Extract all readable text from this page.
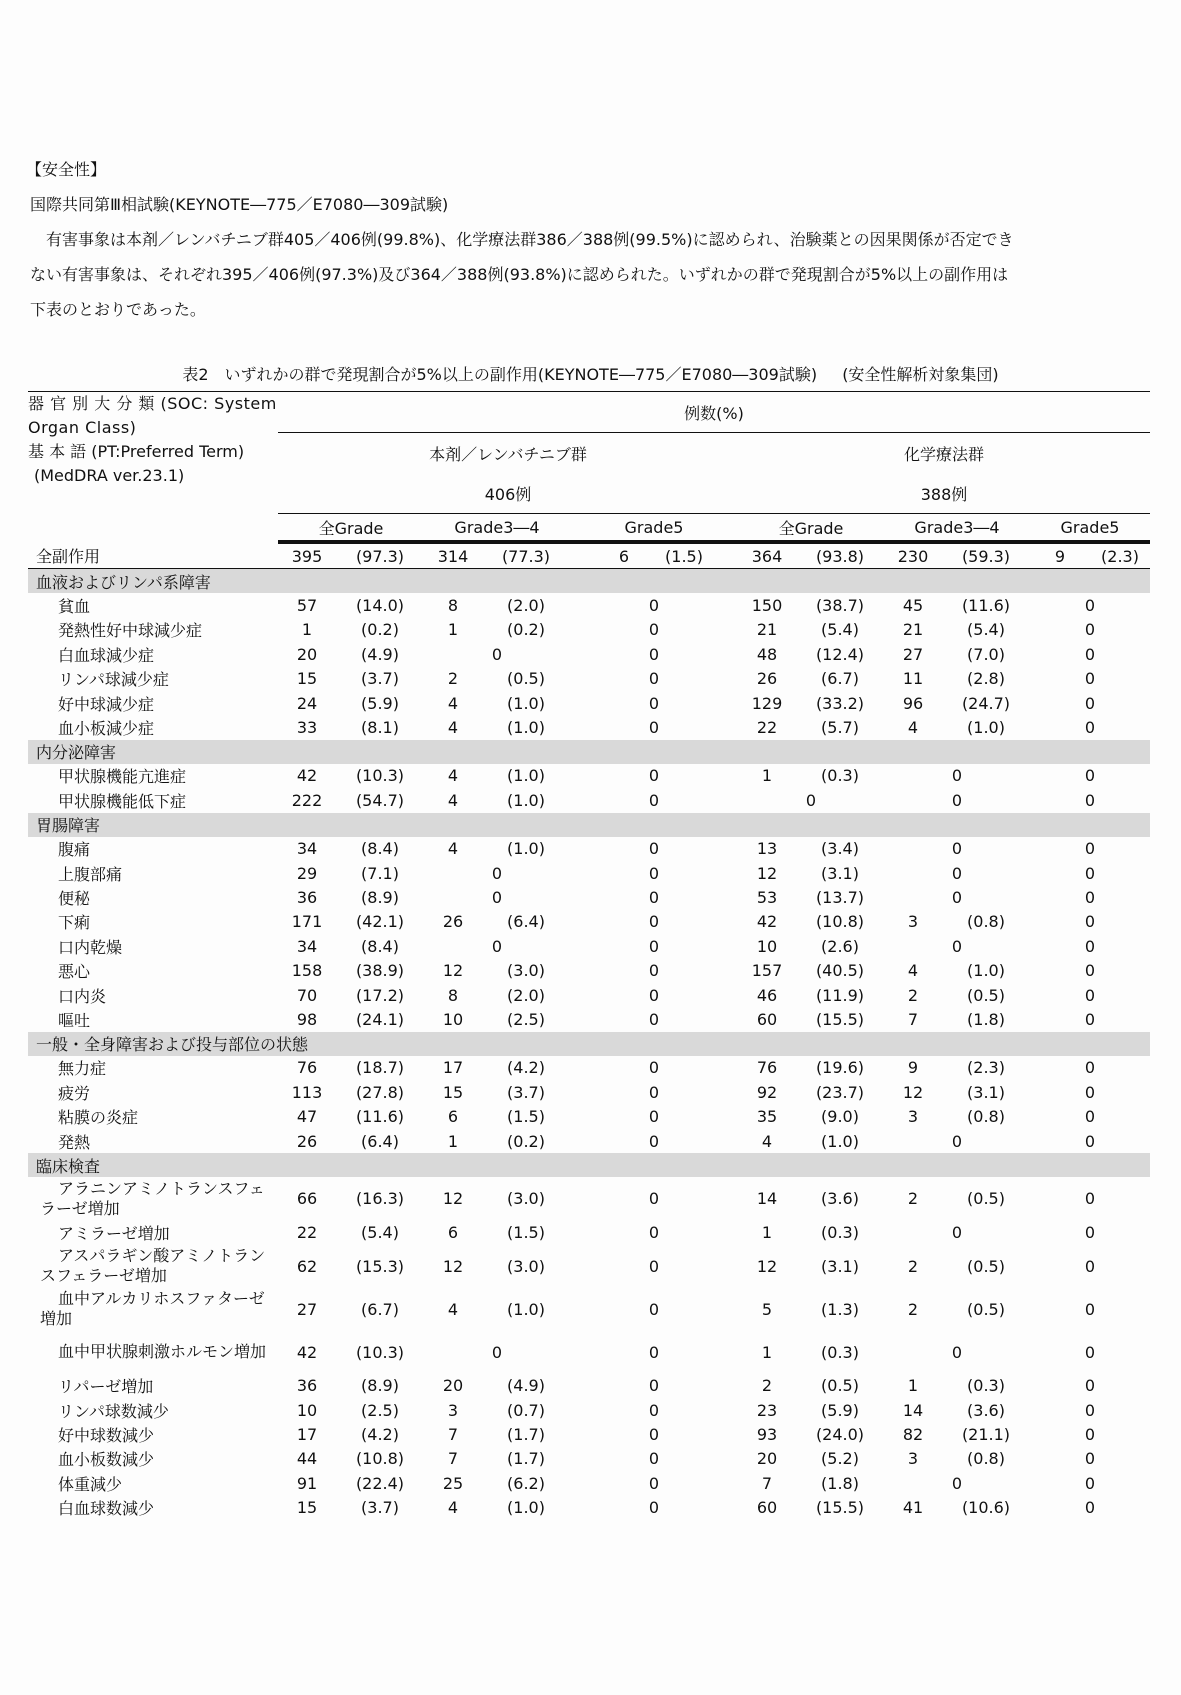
【安全性】

国際共同第Ⅲ相試験(KEYNOTE―775／E7080―309試験)

有害事象は本剤／レンバチニブ群405／406例(99.8%)、化学療法群386／388例(99.5%)に認められ、治験薬との因果関係が否定でき

ない有害事象は、それぞれ395／406例(97.3%)及び364／388例(93.8%)に認められた。いずれかの群で発現割合が5%以上の副作用は

下表のとおりであった。

表2　いずれかの群で発現割合が5%以上の副作用(KEYNOTE―775／E7080―309試験) (安全性解析対象集団)
器 官 別 大 分 類 (SOC: System Organ Class)
基 本 語 (PT:Preferred Term)
(MedDRA ver.23.1)	例数(%)									
	本剤／レンバチニブ群					化学療法群				
	406例					388例				
	全Grade		Grade3―4		Grade5	全Grade		Grade3―4		Grade5
全副作用	395	(97.3)	314	(77.3)	6 (1.5)	364	(93.8)	230	(59.3)	9 (2.3)
血液およびリンパ系障害										
貧血	57	(14.0)	8	(2.0)	0	150	(38.7)	45	(11.6)	0
発熱性好中球減少症	1	(0.2)	1	(0.2)	0	21	(5.4)	21	(5.4)	0
白血球減少症	20	(4.9)	0		0	48	(12.4)	27	(7.0)	0
リンパ球減少症	15	(3.7)	2	(0.5)	0	26	(6.7)	11	(2.8)	0
好中球減少症	24	(5.9)	4	(1.0)	0	129	(33.2)	96	(24.7)	0
血小板減少症	33	(8.1)	4	(1.0)	0	22	(5.7)	4	(1.0)	0
内分泌障害										
甲状腺機能亢進症	42	(10.3)	4	(1.0)	0	1	(0.3)	0		0
甲状腺機能低下症	222	(54.7)	4	(1.0)	0	0		0		0
胃腸障害										
腹痛	34	(8.4)	4	(1.0)	0	13	(3.4)	0		0
上腹部痛	29	(7.1)	0		0	12	(3.1)	0		0
便秘	36	(8.9)	0		0	53	(13.7)	0		0
下痢	171	(42.1)	26	(6.4)	0	42	(10.8)	3	(0.8)	0
口内乾燥	34	(8.4)	0		0	10	(2.6)	0		0
悪心	158	(38.9)	12	(3.0)	0	157	(40.5)	4	(1.0)	0
口内炎	70	(17.2)	8	(2.0)	0	46	(11.9)	2	(0.5)	0
嘔吐	98	(24.1)	10	(2.5)	0	60	(15.5)	7	(1.8)	0
一般・全身障害および投与部位の状態										
無力症	76	(18.7)	17	(4.2)	0	76	(19.6)	9	(2.3)	0
疲労	113	(27.8)	15	(3.7)	0	92	(23.7)	12	(3.1)	0
粘膜の炎症	47	(11.6)	6	(1.5)	0	35	(9.0)	3	(0.8)	0
発熱	26	(6.4)	1	(0.2)	0	4	(1.0)	0		0
臨床検査										
アラニンアミノトランスフェラーゼ増加	66	(16.3)	12	(3.0)	0	14	(3.6)	2	(0.5)	0
アミラーゼ増加	22	(5.4)	6	(1.5)	0	1	(0.3)	0		0
アスパラギン酸アミノトランスフェラーゼ増加	62	(15.3)	12	(3.0)	0	12	(3.1)	2	(0.5)	0
血中アルカリホスファターゼ増加	27	(6.7)	4	(1.0)	0	5	(1.3)	2	(0.5)	0
血中甲状腺刺激ホルモン増加	42	(10.3)	0		0	1	(0.3)	0		0
リパーゼ増加	36	(8.9)	20	(4.9)	0	2	(0.5)	1	(0.3)	0
リンパ球数減少	10	(2.5)	3	(0.7)	0	23	(5.9)	14	(3.6)	0
好中球数減少	17	(4.2)	7	(1.7)	0	93	(24.0)	82	(21.1)	0
血小板数減少	44	(10.8)	7	(1.7)	0	20	(5.2)	3	(0.8)	0
体重減少	91	(22.4)	25	(6.2)	0	7	(1.8)	0		0
白血球数減少	15	(3.7)	4	(1.0)	0	60	(15.5)	41	(10.6)	0
